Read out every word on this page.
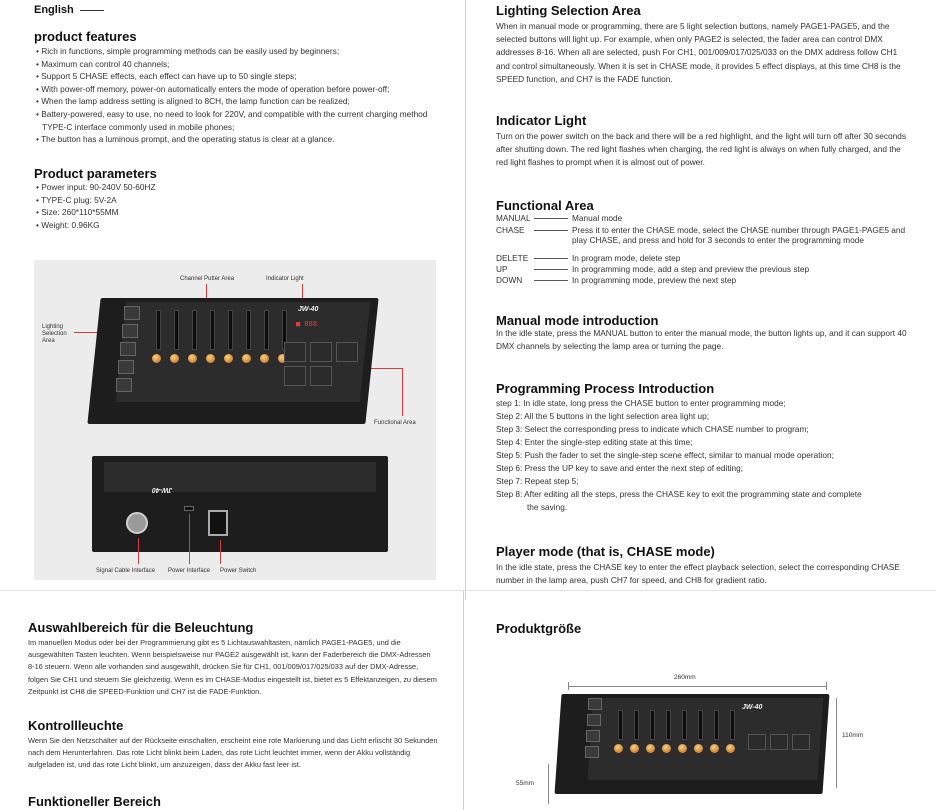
English
product features
• Rich in functions, simple programming methods can be easily used by beginners;
• Maximum can control 40 channels;
• Support 5 CHASE effects, each effect can have up to 50 single steps;
• With power-off memory, power-on automatically enters the mode of operation before power-off;
• When the lamp address setting is aligned to 8CH, the lamp function can be realized;
• Battery-powered, easy to use, no need to look for 220V, and compatible with the current charging method TYPE-C interface commonly used in mobile phones;
• The button has a luminous prompt, and the operating status is clear at a glance.
Product parameters
• Power input: 90-240V 50-60HZ
• TYPE-C plug: 5V-2A
• Size: 260*110*55MM
• Weight: 0.96KG
Channel Putter Area	Indicator Light
Lighting Selection Area
Functional Area
JW-40
■ 888
JW-40
Signal Cable Interface Power Interface Power Switch
Auswahlbereich für die Beleuchtung
Im manuellen Modus oder bei der Programmierung gibt es 5 Lichtauswahltasten, nämlich PAGE1-PAGE5, und die ausgewählten Tasten leuchten. Wenn beispielsweise nur PAGE2 ausgewählt ist, kann der Faderbereich die DMX-Adressen 8-16 steuern. Wenn alle vorhanden sind ausgewählt, drücken Sie für CH1, 001/009/017/025/033 auf der DMX-Adresse, folgen Sie CH1 und steuern Sie gleichzeitig. Wenn es im CHASE-Modus eingestellt ist, bietet es 5 Effektanzeigen, zu diesem Zeitpunkt ist CH8 die SPEED-Funktion und CH7 ist die FADE-Funktion.
Kontrollleuchte
Wenn Sie den Netzschalter auf der Rückseite einschalten, erscheint eine rote Markierung und das Licht erlischt 30 Sekunden nach dem Herunterfahren. Das rote Licht blinkt beim Laden, das rote Licht leuchtet immer, wenn der Akku vollständig aufgeladen ist, und das rote Licht blinkt, um anzuzeigen, dass der Akku fast leer ist.
Funktioneller Bereich
Lighting Selection Area
When in manual mode or programming, there are 5 light selection buttons, namely PAGE1-PAGE5, and the selected buttons will light up. For example, when only PAGE2 is selected, the fader area can control DMX addresses 8-16. When all are selected, push For CH1, 001/009/017/025/033 on the DMX address follow CH1 and control simultaneously. When it is set in CHASE mode, it provides 5 effect displays, at this time CH8 is the SPEED function, and CH7 is the FADE function.
Indicator Light
Turn on the power switch on the back and there will be a red highlight, and the light will turn off after 30 seconds after shutting down. The red light flashes when charging, the red light is always on when fully charged, and the red light flashes to prompt when it is almost out of power.
Functional Area
MANUAL	Manual mode
CHASE	Press it to enter the CHASE mode, select the CHASE number through PAGE1-PAGE5 and play CHASE, and press and hold for 3 seconds to enter the programming mode
DELETE	In program mode, delete step
UP	In programming mode, add a step and preview the previous step
DOWN	In programming mode, preview the next step
Manual mode introduction
In the idle state, press the MANUAL button to enter the manual mode, the button lights up, and it can support 40 DMX channels by selecting the lamp area or turning the page.
Programming Process Introduction
step 1: In idle state, long press the CHASE button to enter programming mode;
Step 2: All the 5 buttons in the light selection area light up;
Step 3: Select the corresponding press to indicate which CHASE number to program;
Step 4: Enter the single-step editing state at this time;
Step 5: Push the fader to set the single-step scene effect, similar to manual mode operation;
Step 6: Press the UP key to save and enter the next step of editing;
Step 7: Repeat step 5;
Step 8: After editing all the steps, press the CHASE key to exit the programming state and complete
the saving.
Player mode (that is, CHASE mode)
In the idle state, press the CHASE key to enter the effect playback selection, select the corresponding CHASE number in the lamp area, push CH7 for speed, and CH8 for gradient ratio.
Produktgröße
260mm
JW-40
110mm
55mm
